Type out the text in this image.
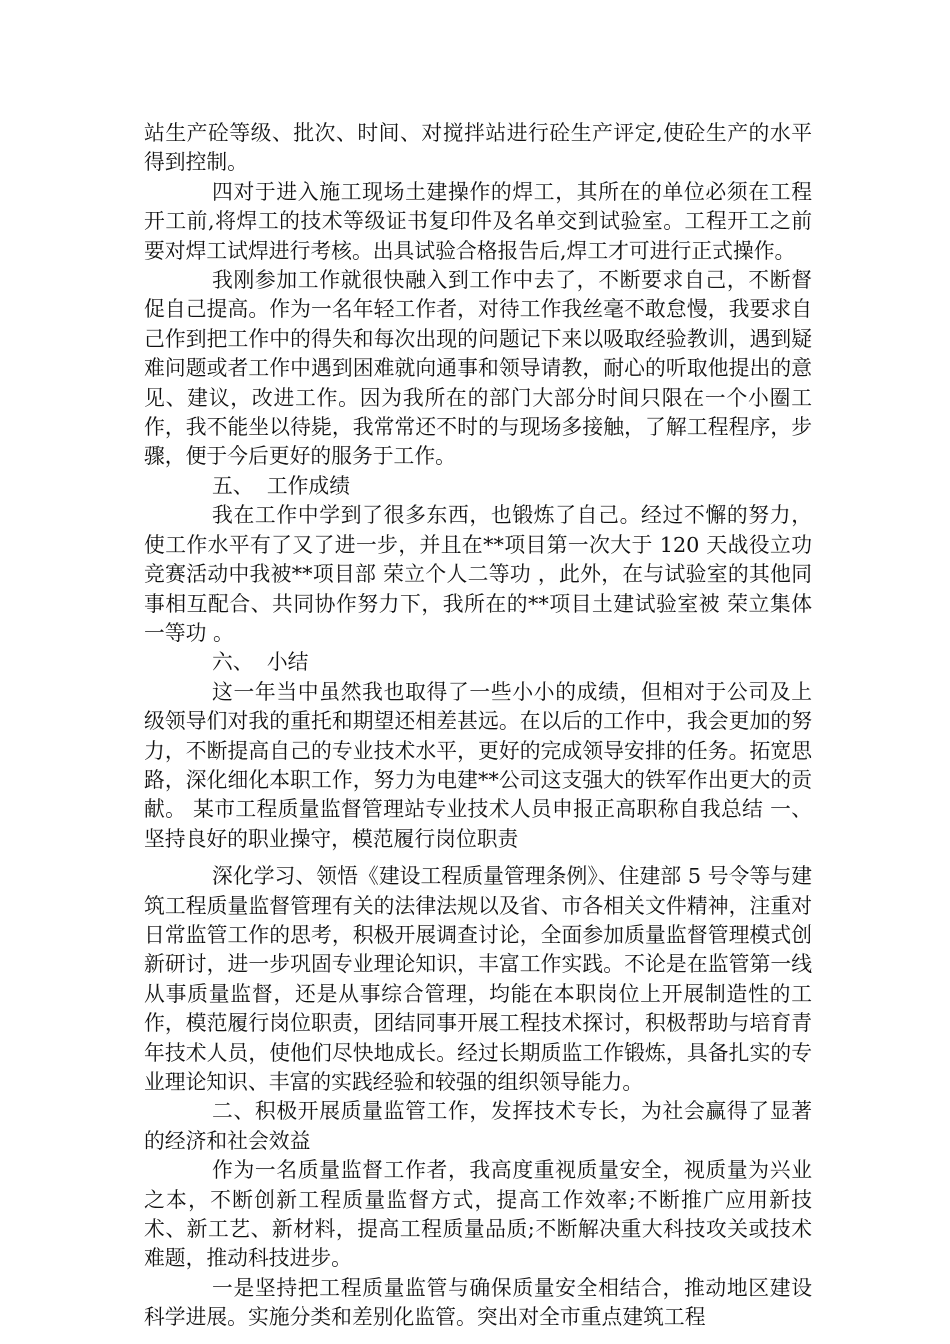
站生产砼等级、批次、时间、对搅拌站进行砼生产评定,使砼生产的水平得到控制。

四对于进入施工现场土建操作的焊工，其所在的单位必须在工程开工前,将焊工的技术等级证书复印件及名单交到试验室。工程开工之前要对焊工试焊进行考核。出具试验合格报告后,焊工才可进行正式操作。

我刚参加工作就很快融入到工作中去了，不断要求自己，不断督促自己提高。作为一名年轻工作者，对待工作我丝毫不敢怠慢，我要求自己作到把工作中的得失和每次出现的问题记下来以吸取经验教训，遇到疑难问题或者工作中遇到困难就向通事和领导请教，耐心的听取他提出的意见、建议，改进工作。因为我所在的部门大部分时间只限在一个小圈工作，我不能坐以待毙，我常常还不时的与现场多接触，了解工程程序，步骤，便于今后更好的服务于工作。

五、  工作成绩

我在工作中学到了很多东西，也锻炼了自己。经过不懈的努力，使工作水平有了又了进一步，并且在**项目第一次大于 120 天战役立功竞赛活动中我被**项目部 荣立个人二等功 ，此外，在与试验室的其他同事相互配合、共同协作努力下，我所在的**项目土建试验室被 荣立集体一等功 。

六、  小结

这一年当中虽然我也取得了一些小小的成绩，但相对于公司及上级领导们对我的重托和期望还相差甚远。在以后的工作中，我会更加的努力，不断提高自己的专业技术水平，更好的完成领导安排的任务。拓宽思路，深化细化本职工作，努力为电建**公司这支强大的铁军作出更大的贡献。 某市工程质量监督管理站专业技术人员申报正高职称自我总结 一、坚持良好的职业操守，模范履行岗位职责

深化学习、领悟《建设工程质量管理条例》、住建部 5 号令等与建筑工程质量监督管理有关的法律法规以及省、市各相关文件精神，注重对日常监管工作的思考，积极开展调查讨论，全面参加质量监督管理模式创新研讨，进一步巩固专业理论知识，丰富工作实践。不论是在监管第一线从事质量监督，还是从事综合管理，均能在本职岗位上开展制造性的工作，模范履行岗位职责，团结同事开展工程技术探讨，积极帮助与培育青年技术人员，使他们尽快地成长。经过长期质监工作锻炼，具备扎实的专业理论知识、丰富的实践经验和较强的组织领导能力。

二、积极开展质量监管工作，发挥技术专长，为社会赢得了显著的经济和社会效益

作为一名质量监督工作者，我高度重视质量安全，视质量为兴业之本，不断创新工程质量监督方式，提高工作效率;不断推广应用新技术、新工艺、新材料，提高工程质量品质;不断解决重大科技攻关或技术难题，推动科技进步。

一是坚持把工程质量监管与确保质量安全相结合，推动地区建设科学进展。实施分类和差别化监管。突出对全市重点建筑工程
